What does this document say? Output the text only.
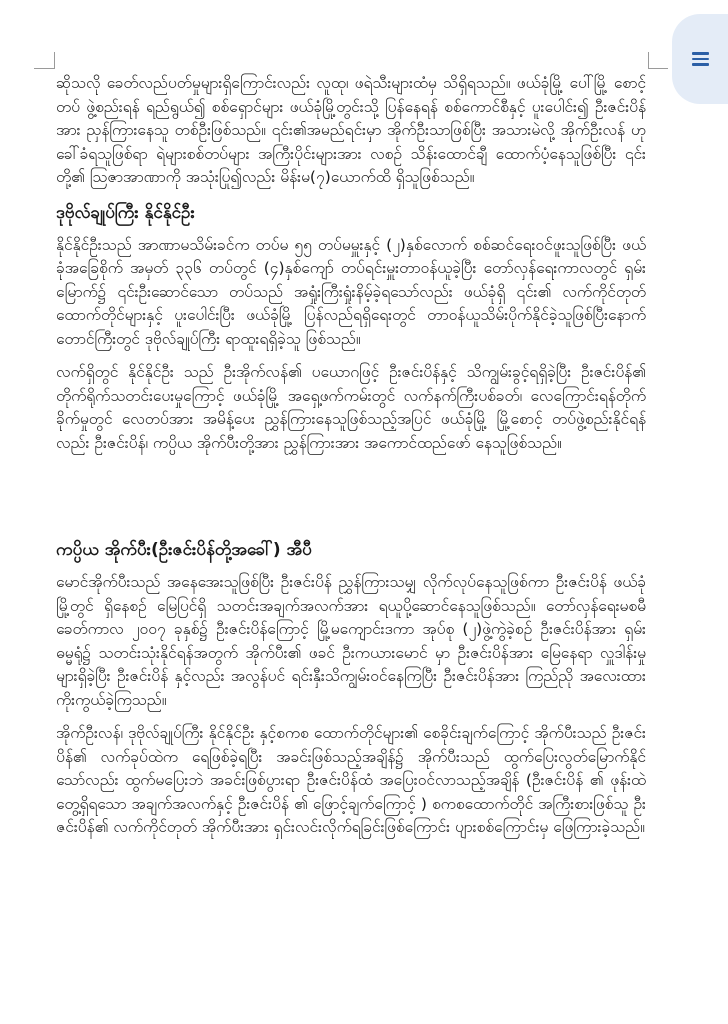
ဆိုသလို ခေတ်လည်ပတ်မှုများရှိကြောင်းလည်း လူထု၊ ဖရဲသီးများထံမှ သိရှိရသည်။ ဖယ်ခုံမြို့ ပေါ်မြို့ စောင့်တပ် ဖွဲ့စည်းရန် ရည်ရွယ်၍ စစ်ရှောင်များ ဖယ်ခုံမြို့တွင်းသို့ ပြန်နေရန် စစ်ကောင်စီနှင့် ပူးပေါင်း၍ ဦးဇင်းပိန်အား ညှန်ကြားနေသူ တစ်ဦးဖြစ်သည်။ ၎င်း၏အမည်ရင်းမှာ အိုက်ဦးသာဖြစ်ပြီး အသားမဲလို့ အိုက်ဦးလန် ဟု ခေါ်ခံရသူဖြစ်ရာ ရဲများစစ်တပ်များ အကြီးပိုင်းများအား လစဉ် သိန်းထောင်ချီ ထောက်ပံ့နေသူဖြစ်ပြီး ၎င်းတို့၏ ဩဇာအာဏာကို အသုံးပြု၍လည်း မိန်းမ(၇)ယောက်ထိ ရှိသူဖြစ်သည်။

ဒုဗိုလ်ချုပ်ကြီး နိုင်နိုင်ဦး

နိုင်နိုင်ဦးသည် အာဏာမသိမ်းခင်က တပ်မ ၅၅ တပ်မမှူးနှင့် (၂)နှစ်လောက် စစ်ဆင်ရေးဝင်ဖူးသူဖြစ်ပြီး ဖယ်ခုံအခြေစိုက် အမှတ် ၃၃၆ တပ်တွင် (၄)နှစ်ကျော် တပ်ရင်းမှူးတာဝန်ယူခဲ့ပြီး တော်လှန်ရေးကာလတွင် ရှမ်းမြောက်၌ ၎င်းဦးဆောင်သော တပ်သည် အရှုံးကြီးရှုံးနိမ့်ခဲ့ရသော်လည်း ဖယ်ခုံရှိ ၎င်း၏ လက်ကိုင်တုတ် ထောက်တိုင်များနှင့် ပူးပေါင်းပြီး ဖယ်ခုံမြို့ ပြန်လည်ရရှိရေးတွင် တာဝန်ယူသိမ်းပိုက်နိုင်ခဲ့သူဖြစ်ပြီးနောက် တောင်ကြီးတွင် ဒုဗိုလ်ချုပ်ကြီး ရာထူးရရှိခဲ့သူ ဖြစ်သည်။

လက်ရှိတွင် နိုင်နိုင်ဦး သည် ဦးအိုက်လန်၏ ပယောဂဖြင့် ဦးဇင်းပိန်နှင့် သိကျွမ်းခွင့်ရရှိခဲ့ပြီး ဦးဇင်းပိန်၏ တိုက်ရိုက်သတင်းပေးမှုကြောင့် ဖယ်ခုံမြို့ အရှေ့ဖက်ကမ်းတွင် လက်နက်ကြီးပစ်ခတ်၊ လေကြောင်းရန်တိုက်ခိုက်မှုတွင် လေတပ်အား အမိန့်ပေး ညွှန်ကြားနေသူဖြစ်သည့်အပြင် ဖယ်ခုံမြို့ မြို့စောင့် တပ်ဖွဲ့စည်းနိုင်ရန်လည်း ဦးဇင်းပိန်၊ ကပ္ပိယ အိုက်ပီးတို့အား ညွှန်ကြားအား အကောင်ထည်ဖော် နေသူဖြစ်သည်။

ကပ္ပိယ အိုက်ပီး(ဦးဇင်းပိန်တို့အခေါ်) အီပီ

မောင်အိုက်ပီးသည် အနေအေးသူဖြစ်ပြီး ဦးဇင်းပိန် ညွှန်ကြားသမျှ လိုက်လုပ်နေသူဖြစ်ကာ ဦးဇင်းပိန် ဖယ်ခုံမြို့တွင် ရှိနေစဉ် မြေပြင်ရှိ သတင်းအချက်အလက်အား ရယူပို့ဆောင်နေသူဖြစ်သည်။ တော်လှန်ရေးမစမီ ခေတ်ကာလ ၂၀၀၇ ခုနှစ်၌ ဦးဇင်းပိန်ကြောင့် မြို့မကျောင်းဒကာ အုပ်စု (၂)ဖွဲ့ကွဲခဲ့စဉ် ဦးဇင်းပိန်အား ရှမ်း ဓမ္မရုံ၌ သတင်းသုံးနိုင်ရန်အတွက် အိုက်ပီး၏ ဖခင် ဦးကယားမောင် မှာ ဦးဇင်းပိန်အား မြေနေရာ လှူဒါန်းမှုများရှိခဲ့ပြီး ဦးဇင်းပိန် နှင့်လည်း အလွန်ပင် ရင်းနှီးသိကျွမ်းဝင်နေကြပြီး ဦးဇင်းပိန်အား ကြည်ညို အလေးထား ကိုးကွယ်ခဲ့ကြသည်။

အိုက်ဦးလန်၊ ဒုဗိုလ်ချုပ်ကြီး နိုင်နိုင်ဦး နှင့်စကစ ထောက်တိုင်များ၏ စေခိုင်းချက်ကြောင့် အိုက်ပီးသည် ဦးဇင်းပိန်၏ လက်ခုပ်ထဲက ရေဖြစ်ခဲ့ရပြီး အခင်းဖြစ်သည့်အချိန်၌ အိုက်ပီးသည် ထွက်ပြေးလွတ်မြောက်နိုင်သော်လည်း ထွက်မပြေးဘဲ အခင်းဖြစ်ပွားရာ ဦးဇင်းပိန်ထံ အပြေးဝင်လာသည့်အချိန် (ဦးဇင်းပိန် ၏ ဖုန်းထဲတွေ့ရှိရသော အချက်အလက်နှင့် ဦးဇင်းပိန် ၏ ဖြောင့်ချက်ကြောင့် ) စကစထောက်တိုင် အကြီးစားဖြစ်သူ ဦးဇင်းပိန်၏ လက်ကိုင်တုတ် အိုက်ပီးအား ရှင်းလင်းလိုက်ရခြင်းဖြစ်ကြောင်း ပျားစစ်ကြောင်းမှ ဖြေကြားခဲ့သည်။
